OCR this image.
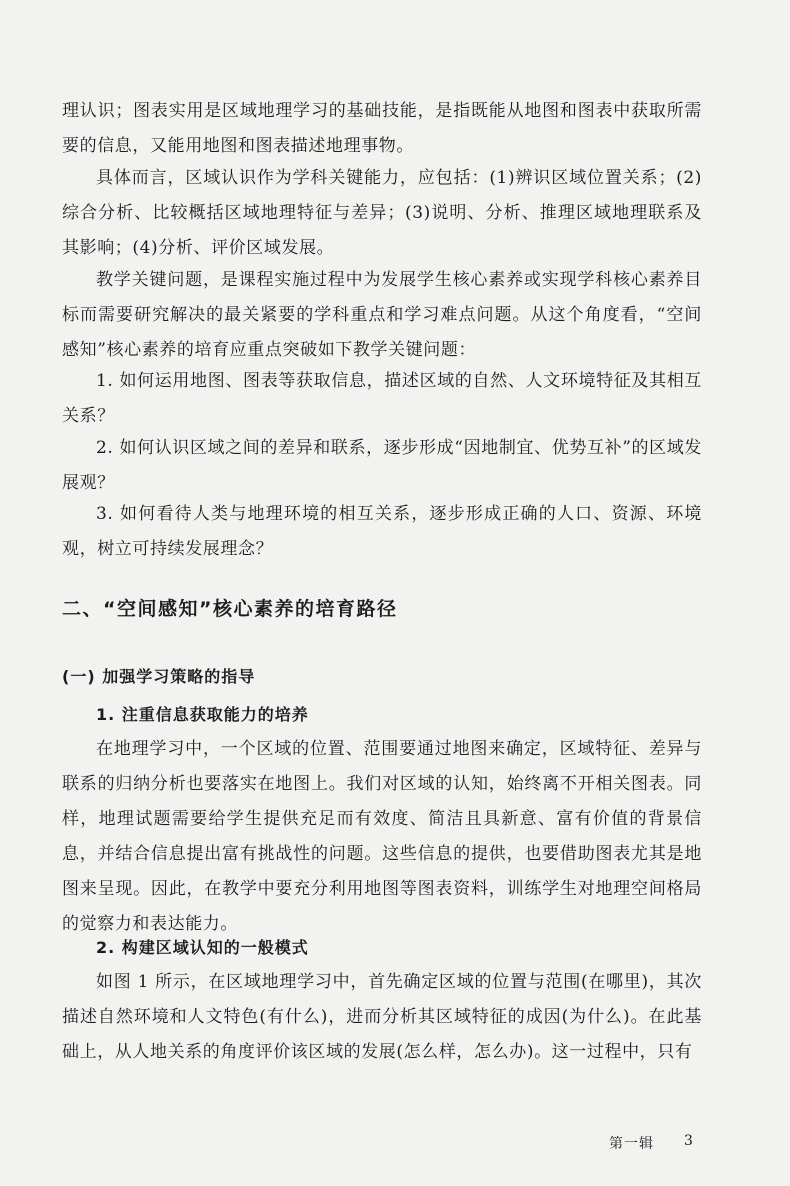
理认识；图表实用是区域地理学习的基础技能，是指既能从地图和图表中获取所需要的信息，又能用地图和图表描述地理事物。

具体而言，区域认识作为学科关键能力，应包括：(1)辨识区域位置关系；(2)综合分析、比较概括区域地理特征与差异；(3)说明、分析、推理区域地理联系及其影响；(4)分析、评价区域发展。

教学关键问题，是课程实施过程中为发展学生核心素养或实现学科核心素养目标而需要研究解决的最关紧要的学科重点和学习难点问题。从这个角度看，“空间感知”核心素养的培育应重点突破如下教学关键问题：

1. 如何运用地图、图表等获取信息，描述区域的自然、人文环境特征及其相互关系？

2. 如何认识区域之间的差异和联系，逐步形成“因地制宜、优势互补”的区域发展观？

3. 如何看待人类与地理环境的相互关系，逐步形成正确的人口、资源、环境观，树立可持续发展理念？

二、“空间感知”核心素养的培育路径
(一) 加强学习策略的指导
1. 注重信息获取能力的培养

在地理学习中，一个区域的位置、范围要通过地图来确定，区域特征、差异与联系的归纳分析也要落实在地图上。我们对区域的认知，始终离不开相关图表。同样，地理试题需要给学生提供充足而有效度、简洁且具新意、富有价值的背景信息，并结合信息提出富有挑战性的问题。这些信息的提供，也要借助图表尤其是地图来呈现。因此，在教学中要充分利用地图等图表资料，训练学生对地理空间格局的觉察力和表达能力。

2. 构建区域认知的一般模式

如图 1 所示，在区域地理学习中，首先确定区域的位置与范围(在哪里)，其次描述自然环境和人文特色(有什么)，进而分析其区域特征的成因(为什么)。在此基础上，从人地关系的角度评价该区域的发展(怎么样，怎么办)。这一过程中，只有

第一辑 3
